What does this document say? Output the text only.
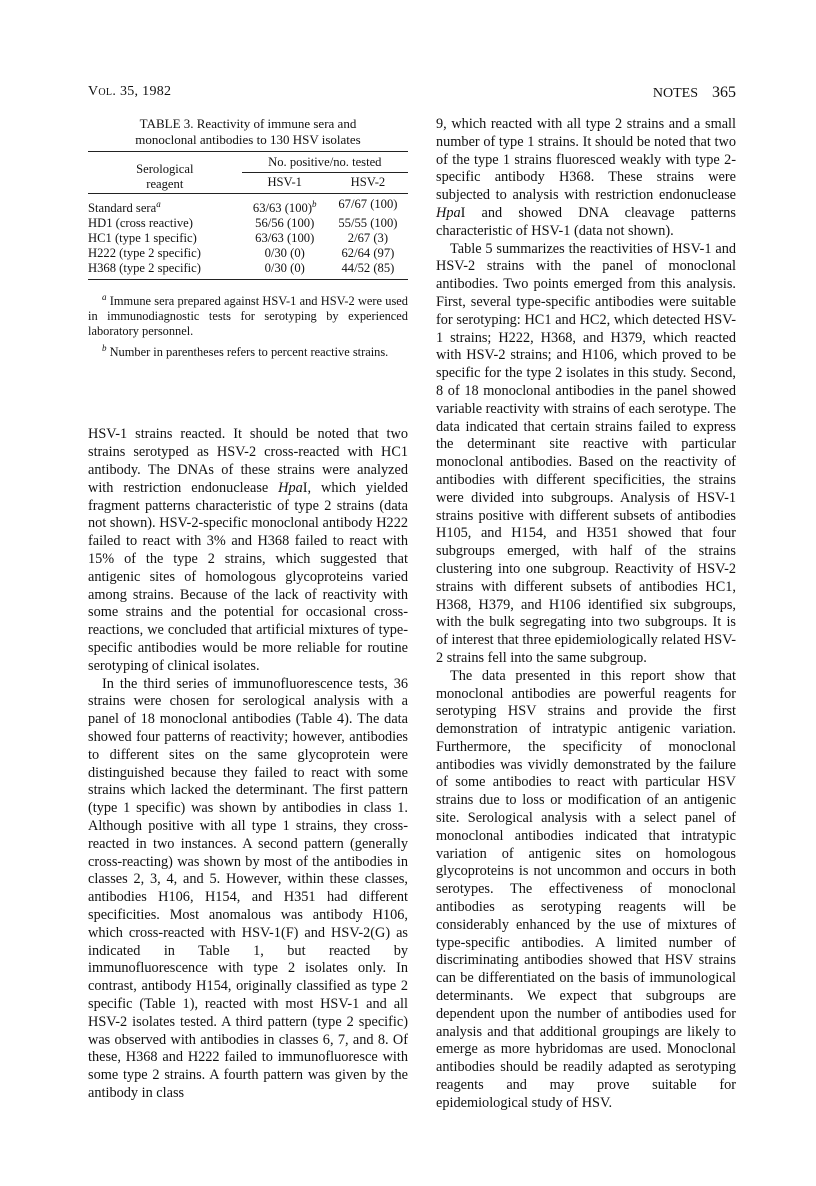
Vol. 35, 1982	NOTES 365
TABLE 3. Reactivity of immune sera and
monoclonal antibodies to 130 HSV isolates
Serological
reagent	No. positive/no. tested	

	HSV-1	HSV-2

Standard sera$^a$	63/63 $(100)^b$	67/67 (100)
HD1 (cross reactive)	56/56 (100)	55/55 (100)
HC1 (type 1 specific)	63/63 (100)	2/67 (3)
H222 (type 2 specific)	0/30 (0)	62/64 (97)
H368 (type 2 specific)	0/30 (0)	44/52 (85)

$^a$ Immune sera prepared against HSV-1 and HSV-2 were used in immunodiagnostic tests for serotyping by experienced laboratory personnel.

$^b$ Number in parentheses refers to percent reactive strains.

HSV-1 strains reacted. It should be noted that two strains serotyped as HSV-2 cross-reacted with HC1 antibody. The DNAs of these strains were analyzed with restriction endonuclease HpaI, which yielded fragment patterns characteristic of type 2 strains (data not shown). HSV-2-specific monoclonal antibody H222 failed to react with 3% and H368 failed to react with 15% of the type 2 strains, which suggested that antigenic sites of homologous glycoproteins varied among strains. Because of the lack of reactivity with some strains and the potential for occasional cross-reactions, we concluded that artificial mixtures of type-specific antibodies would be more reliable for routine serotyping of clinical isolates.

In the third series of immunofluorescence tests, 36 strains were chosen for serological analysis with a panel of 18 monoclonal antibodies (Table 4). The data showed four patterns of reactivity; however, antibodies to different sites on the same glycoprotein were distinguished because they failed to react with some strains which lacked the determinant. The first pattern (type 1 specific) was shown by antibodies in class 1. Although positive with all type 1 strains, they cross-reacted in two instances. A second pattern (generally cross-reacting) was shown by most of the antibodies in classes 2, 3, 4, and 5. However, within these classes, antibodies H106, H154, and H351 had different specificities. Most anomalous was antibody H106, which cross-reacted with HSV-1(F) and HSV-2(G) as indicated in Table 1, but reacted by immunofluorescence with type 2 isolates only. In contrast, antibody H154, originally classified as type 2 specific (Table 1), reacted with most HSV-1 and all HSV-2 isolates tested. A third pattern (type 2 specific) was observed with antibodies in classes 6, 7, and 8. Of these, H368 and H222 failed to immunofluoresce with some type 2 strains. A fourth pattern was given by the antibody in class

9, which reacted with all type 2 strains and a small number of type 1 strains. It should be noted that two of the type 1 strains fluoresced weakly with type 2-specific antibody H368. These strains were subjected to analysis with restriction endonuclease HpaI and showed DNA cleavage patterns characteristic of HSV-1 (data not shown).

Table 5 summarizes the reactivities of HSV-1 and HSV-2 strains with the panel of monoclonal antibodies. Two points emerged from this analysis. First, several type-specific antibodies were suitable for serotyping: HC1 and HC2, which detected HSV-1 strains; H222, H368, and H379, which reacted with HSV-2 strains; and H106, which proved to be specific for the type 2 isolates in this study. Second, 8 of 18 monoclonal antibodies in the panel showed variable reactivity with strains of each serotype. The data indicated that certain strains failed to express the determinant site reactive with particular monoclonal antibodies. Based on the reactivity of antibodies with different specificities, the strains were divided into subgroups. Analysis of HSV-1 strains positive with different subsets of antibodies H105, and H154, and H351 showed that four subgroups emerged, with half of the strains clustering into one subgroup. Reactivity of HSV-2 strains with different subsets of antibodies HC1, H368, H379, and H106 identified six subgroups, with the bulk segregating into two subgroups. It is of interest that three epidemiologically related HSV-2 strains fell into the same subgroup.

The data presented in this report show that monoclonal antibodies are powerful reagents for serotyping HSV strains and provide the first demonstration of intratypic antigenic variation. Furthermore, the specificity of monoclonal antibodies was vividly demonstrated by the failure of some antibodies to react with particular HSV strains due to loss or modification of an antigenic site. Serological analysis with a select panel of monoclonal antibodies indicated that intratypic variation of antigenic sites on homologous glycoproteins is not uncommon and occurs in both serotypes. The effectiveness of monoclonal antibodies as serotyping reagents will be considerably enhanced by the use of mixtures of type-specific antibodies. A limited number of discriminating antibodies showed that HSV strains can be differentiated on the basis of immunological determinants. We expect that subgroups are dependent upon the number of antibodies used for analysis and that additional groupings are likely to emerge as more hybridomas are used. Monoclonal antibodies should be readily adapted as serotyping reagents and may prove suitable for epidemiological study of HSV.
